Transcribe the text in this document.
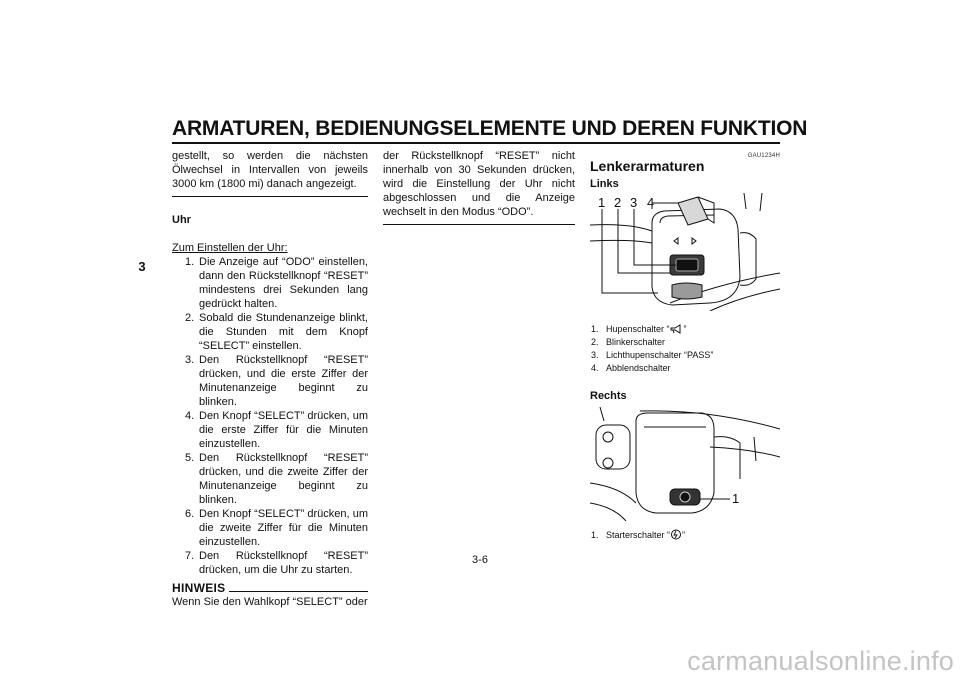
ARMATUREN, BEDIENUNGSELEMENTE UND DEREN FUNKTION
3

gestellt, so werden die nächsten Ölwechsel in Intervallen von jeweils 3000 km (1800 mi) danach angezeigt.

Uhr
Zum Einstellen der Uhr:
1. Die Anzeige auf “ODO” einstellen, dann den Rückstellknopf “RESET” mindestens drei Sekunden lang gedrückt halten.
2. Sobald die Stundenanzeige blinkt, die Stunden mit dem Knopf “SELECT” einstellen.
3. Den Rückstellknopf “RESET” drücken, und die erste Ziffer der Minutenanzeige beginnt zu blinken.
4. Den Knopf “SELECT” drücken, um die erste Ziffer für die Minuten einzustellen.
5. Den Rückstellknopf “RESET” drücken, und die zweite Ziffer der Minutenanzeige beginnt zu blinken.
6. Den Knopf “SELECT” drücken, um die zweite Ziffer für die Minuten einzustellen.
7. Den Rückstellknopf “RESET” drücken, um die Uhr zu starten.
HINWEIS

Wenn Sie den Wahlkopf “SELECT” oder

der Rückstellknopf “RESET” nicht innerhalb von 30 Sekunden drücken, wird die Einstellung der Uhr nicht abgeschlossen und die Anzeige wechselt in den Modus “ODO”.

GAU1234H
Lenkerarmaturen
Links
1 2 3 4
1. Hupenschalter “ ”
2. Blinkerschalter
3. Lichthupenschalter “PASS”
4. Abblendschalter
Rechts
1
1. Starterschalter “ ”
3-6
carmanualsonline.info
